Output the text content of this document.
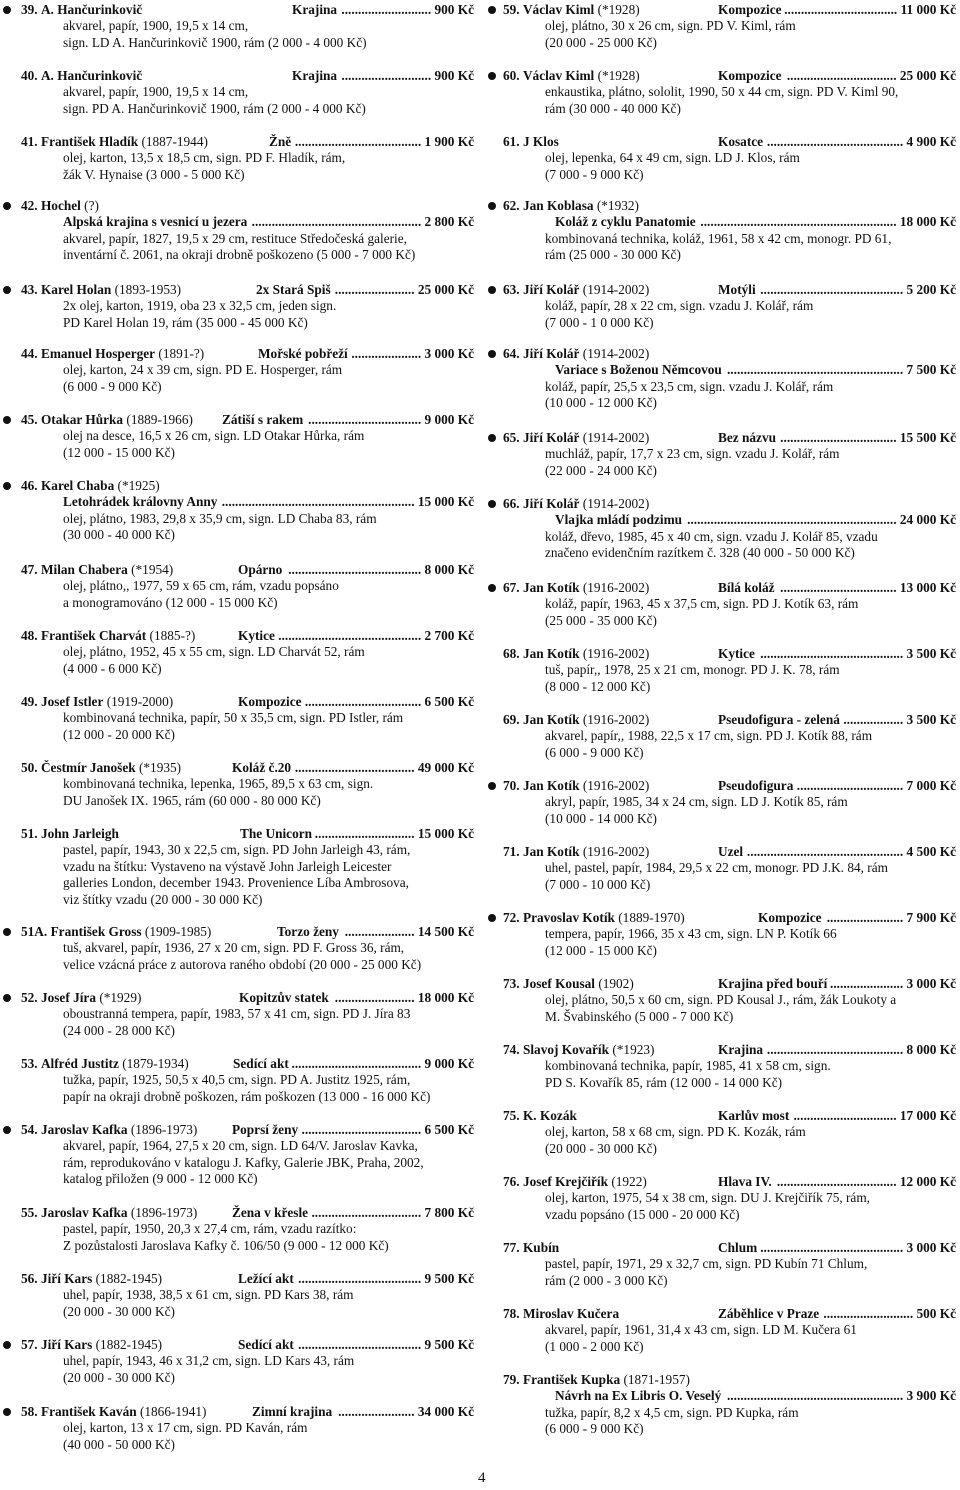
39. A. Hančurinkovič	Krajina ........................... 900 Kč
akvarel, papír, 1900, 19,5 x 14 cm,
sign. LD A. Hančurinkovič 1900, rám (2 000 - 4 000 Kč)
40. A. Hančurinkovič	Krajina ........................... 900 Kč
akvarel, papír, 1900, 19,5 x 14 cm,
sign. PD A. Hančurinkovič 1900, rám (2 000 - 4 000 Kč)
41. František Hladík (1887-1944)	Žně ...................................... 1 900 Kč
olej, karton, 13,5 x 18,5 cm, sign. PD F. Hladík, rám,
žák V. Hynaise (3 000 - 5 000 Kč)
42. Hochel (?)
Alpská krajina s vesnicí u jezera ................................................... 2 800 Kč
akvarel, papír, 1827, 19,5 x 29 cm, restituce Středočeská galerie,
inventární č. 2061, na okraji drobně poškozeno (5 000 - 7 000 Kč)
43. Karel Holan (1893-1953)	2x Stará Spiš ........................ 25 000 Kč
2x olej, karton, 1919, oba 23 x 32,5 cm, jeden sign.
PD Karel Holan 19, rám (35 000 - 45 000 Kč)
44. Emanuel Hosperger (1891-?)	Mořské pobřeží ..................... 3 000 Kč
olej, karton, 24 x 39 cm, sign. PD E. Hosperger, rám
(6 000 - 9 000 Kč)
45. Otakar Hůrka (1889-1966) Zátiší s rakem .................................. 9 000 Kč
olej na desce, 16,5 x 26 cm, sign. LD Otakar Hůrka, rám
(12 000 - 15 000 Kč)
46. Karel Chaba (*1925)
Letohrádek královny Anny .......................................................... 15 000 Kč
olej, plátno, 1983, 29,8 x 35,9 cm, sign. LD Chaba 83, rám
(30 000 - 40 000 Kč)
47. Milan Chabera (*1954)	Opárno ........................................ 8 000 Kč
olej, plátno,, 1977, 59 x 65 cm, rám, vzadu popsáno
a monogramováno (12 000 - 15 000 Kč)
48. František Charvát (1885-?)	Kytice ........................................... 2 700 Kč
olej, plátno, 1952, 45 x 55 cm, sign. LD Charvát 52, rám
(4 000 - 6 000 Kč)
49. Josef Istler (1919-2000)	Kompozice ................................... 6 500 Kč
kombinovaná technika, papír, 50 x 35,5 cm, sign. PD Istler, rám
(12 000 - 20 000 Kč)
50. Čestmír Janošek (*1935)	Koláž č.20 .................................... 49 000 Kč
kombinovaná technika, lepenka, 1965, 89,5 x 63 cm, sign.
DU Janošek IX. 1965, rám (60 000 - 80 000 Kč)
51. John Jarleigh	The Unicorn .............................. 15 000 Kč
pastel, papír, 1943, 30 x 22,5 cm, sign. PD John Jarleigh 43, rám,
vzadu na štítku: Vystaveno na výstavě John Jarleigh Leicester
galleries London, december 1943. Provenience Líba Ambrosova,
viz štítky vzadu (20 000 - 30 000 Kč)
51A. František Gross (1909-1985)	Torzo ženy ..................... 14 500 Kč
tuš, akvarel, papír, 1936, 27 x 20 cm, sign. PD F. Gross 36, rám,
velice vzácná práce z autorova raného období (20 000 - 25 000 Kč)
52. Josef Jíra (*1929)	Kopitzův statek ........................ 18 000 Kč
oboustranná tempera, papír, 1983, 57 x 41 cm, sign. PD J. Jíra 83
(24 000 - 28 000 Kč)
53. Alfréd Justitz (1879-1934)	Sedící akt ....................................... 9 000 Kč
tužka, papír, 1925, 50,5 x 40,5 cm, sign. PD A. Justitz 1925, rám,
papír na okraji drobně poškozen, rám poškozen (13 000 - 16 000 Kč)
54. Jaroslav Kafka (1896-1973)	Poprsí ženy .................................... 6 500 Kč
akvarel, papír, 1964, 27,5 x 20 cm, sign. LD 64/V. Jaroslav Kavka,
rám, reprodukováno v katalogu J. Kafky, Galerie JBK, Praha, 2002,
katalog přiložen (9 000 - 12 000 Kč)
55. Jaroslav Kafka (1896-1973)	Žena v křesle ................................. 7 800 Kč
pastel, papír, 1950, 20,3 x 27,4 cm, rám, vzadu razítko:
Z pozůstalosti Jaroslava Kafky č. 106/50 (9 000 - 12 000 Kč)
56. Jiří Kars (1882-1945)	Ležící akt ..................................... 9 500 Kč
uhel, papír, 1938, 38,5 x 61 cm, sign. PD Kars 38, rám
(20 000 - 30 000 Kč)
57. Jiří Kars (1882-1945)	Sedící akt ..................................... 9 500 Kč
uhel, papír, 1943, 46 x 31,2 cm, sign. LD Kars 43, rám
(20 000 - 30 000 Kč)
58. František Kaván (1866-1941)	Zimní krajina ....................... 34 000 Kč
olej, karton, 13 x 17 cm, sign. PD Kaván, rám
(40 000 - 50 000 Kč)
59. Václav Kiml (*1928)	Kompozice .................................. 11 000 Kč
olej, plátno, 30 x 26 cm, sign. PD V. Kiml, rám
(20 000 - 25 000 Kč)
60. Václav Kiml (*1928)	Kompozice ................................. 25 000 Kč
enkaustika, plátno, sololit, 1990, 50 x 44 cm, sign. PD V. Kiml 90,
rám (30 000 - 40 000 Kč)
61. J Klos	Kosatce ......................................... 4 900 Kč
olej, lepenka, 64 x 49 cm, sign. LD J. Klos, rám
(7 000 - 9 000 Kč)
62. Jan Koblasa (*1932)
Koláž z cyklu Panatomie ........................................................... 18 000 Kč
kombinovaná technika, koláž, 1961, 58 x 42 cm, monogr. PD 61,
rám (25 000 - 30 000 Kč)
63. Jiří Kolář (1914-2002)	Motýli ........................................... 5 200 Kč
koláž, papír, 28 x 22 cm, sign. vzadu J. Kolář, rám
(7 000 - 1 0 000 Kč)
64. Jiří Kolář (1914-2002)
Variace s Boženou Němcovou ..................................................... 7 500 Kč
koláž, papír, 25,5 x 23,5 cm, sign. vzadu J. Kolář, rám
(10 000 - 12 000 Kč)
65. Jiří Kolář (1914-2002)	Bez názvu ................................... 15 500 Kč
muchláž, papír, 17,7 x 23 cm, sign. vzadu J. Kolář, rám
(22 000 - 24 000 Kč)
66. Jiří Kolář (1914-2002)
Vlajka mládí podzimu ............................................................... 24 000 Kč
koláž, dřevo, 1985, 45 x 40 cm, sign. vzadu J. Kolář 85, vzadu
značeno evidenčním razítkem č. 328 (40 000 - 50 000 Kč)
67. Jan Kotík (1916-2002)	Bílá koláž ................................... 13 000 Kč
koláž, papír, 1963, 45 x 37,5 cm, sign. PD J. Kotík 63, rám
(25 000 - 35 000 Kč)
68. Jan Kotík (1916-2002)	Kytice ........................................... 3 500 Kč
tuš, papír,, 1978, 25 x 21 cm, monogr. PD J. K. 78, rám
(8 000 - 12 000 Kč)
69. Jan Kotík (1916-2002)	Pseudofigura - zelená .................. 3 500 Kč
akvarel, papír,, 1988, 22,5 x 17 cm, sign. PD J. Kotík 88, rám
(6 000 - 9 000 Kč)
70. Jan Kotík (1916-2002)	Pseudofigura ................................ 7 000 Kč
akryl, papír, 1985, 34 x 24 cm, sign. LD J. Kotík 85, rám
(10 000 - 14 000 Kč)
71. Jan Kotík (1916-2002)	Uzel ............................................... 4 500 Kč
uhel, pastel, papír, 1984, 29,5 x 22 cm, monogr. PD J.K. 84, rám
(7 000 - 10 000 Kč)
72. Pravoslav Kotík (1889-1970)	Kompozice ....................... 7 900 Kč
tempera, papír, 1966, 35 x 43 cm, sign. LN P. Kotík 66
(12 000 - 15 000 Kč)
73. Josef Kousal (1902)	Krajina před bouří ...................... 3 000 Kč
olej, plátno, 50,5 x 60 cm, sign. PD Kousal J., rám, žák Loukoty a
M. Švabinského (5 000 - 7 000 Kč)
74. Slavoj Kovařík (*1923)	Krajina ......................................... 8 000 Kč
kombinovaná technika, papír, 1985, 41 x 58 cm, sign.
PD S. Kovařík 85, rám (12 000 - 14 000 Kč)
75. K. Kozák	Karlův most ............................... 17 000 Kč
olej, karton, 58 x 68 cm, sign. PD K. Kozák, rám
(20 000 - 30 000 Kč)
76. Josef Krejčiřík (1922)	Hlava IV. .................................... 12 000 Kč
olej, karton, 1975, 54 x 38 cm, sign. DU J. Krejčiřík 75, rám,
vzadu popsáno (15 000 - 20 000 Kč)
77. Kubín	Chlum ........................................... 3 000 Kč
pastel, papír, 1971, 29 x 32,7 cm, sign. PD Kubín 71 Chlum,
rám (2 000 - 3 000 Kč)
78. Miroslav Kučera	Záběhlice v Praze ........................... 500 Kč
akvarel, papír, 1961, 31,4 x 43 cm, sign. LD M. Kučera 61
(1 000 - 2 000 Kč)
79. František Kupka (1871-1957)
Návrh na Ex Libris O. Veselý ..................................................... 3 900 Kč
tužka, papír, 8,2 x 4,5 cm, sign. PD Kupka, rám
(6 000 - 9 000 Kč)
4
